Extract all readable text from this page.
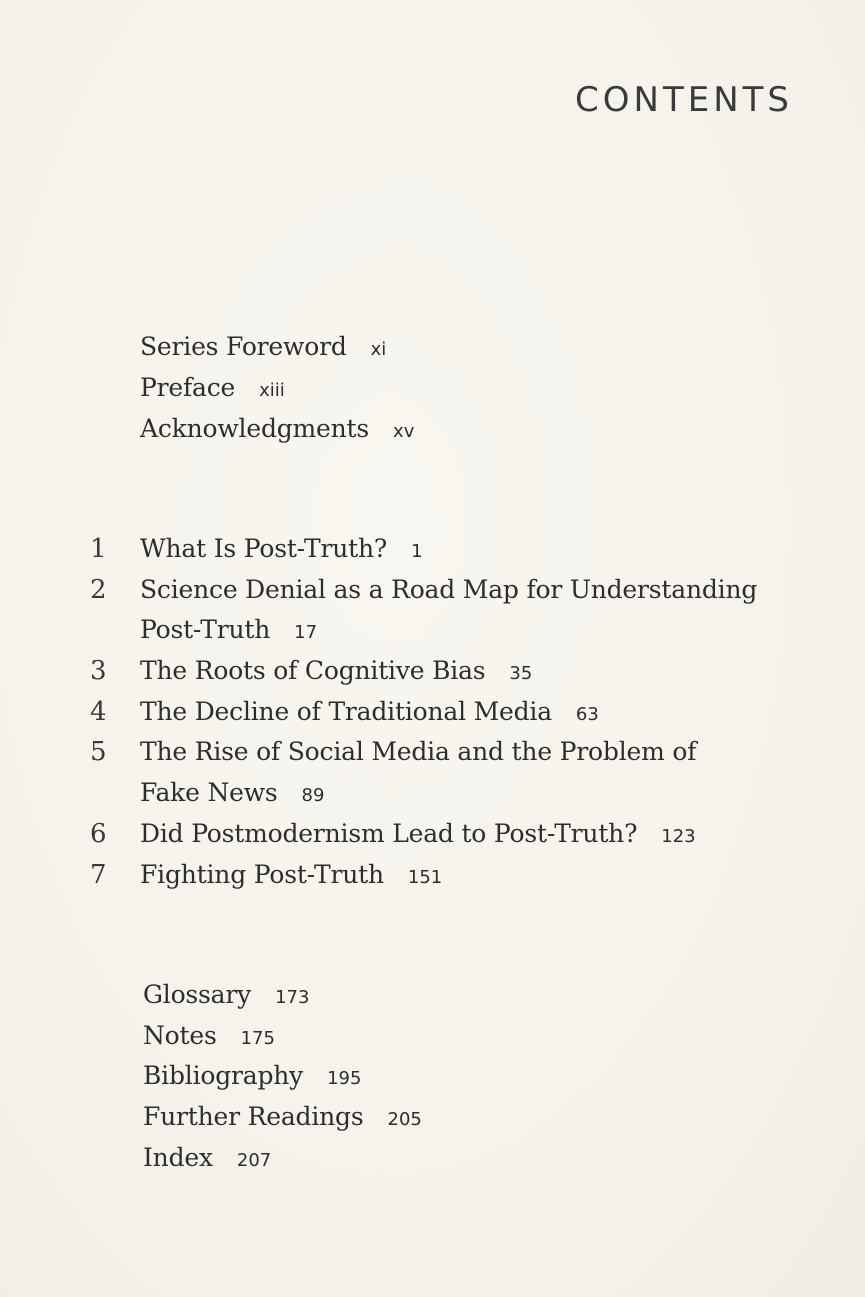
CONTENTS
Series Foreword xi
Preface xiii
Acknowledgments xv
1 What Is Post-Truth? 1
2 Science Denial as a Road Map for Understanding
Post-Truth 17
3 The Roots of Cognitive Bias 35
4 The Decline of Traditional Media 63
5 The Rise of Social Media and the Problem of
Fake News 89
6 Did Postmodernism Lead to Post-Truth? 123
7 Fighting Post-Truth 151
Glossary 173
Notes 175
Bibliography 195
Further Readings 205
Index 207
